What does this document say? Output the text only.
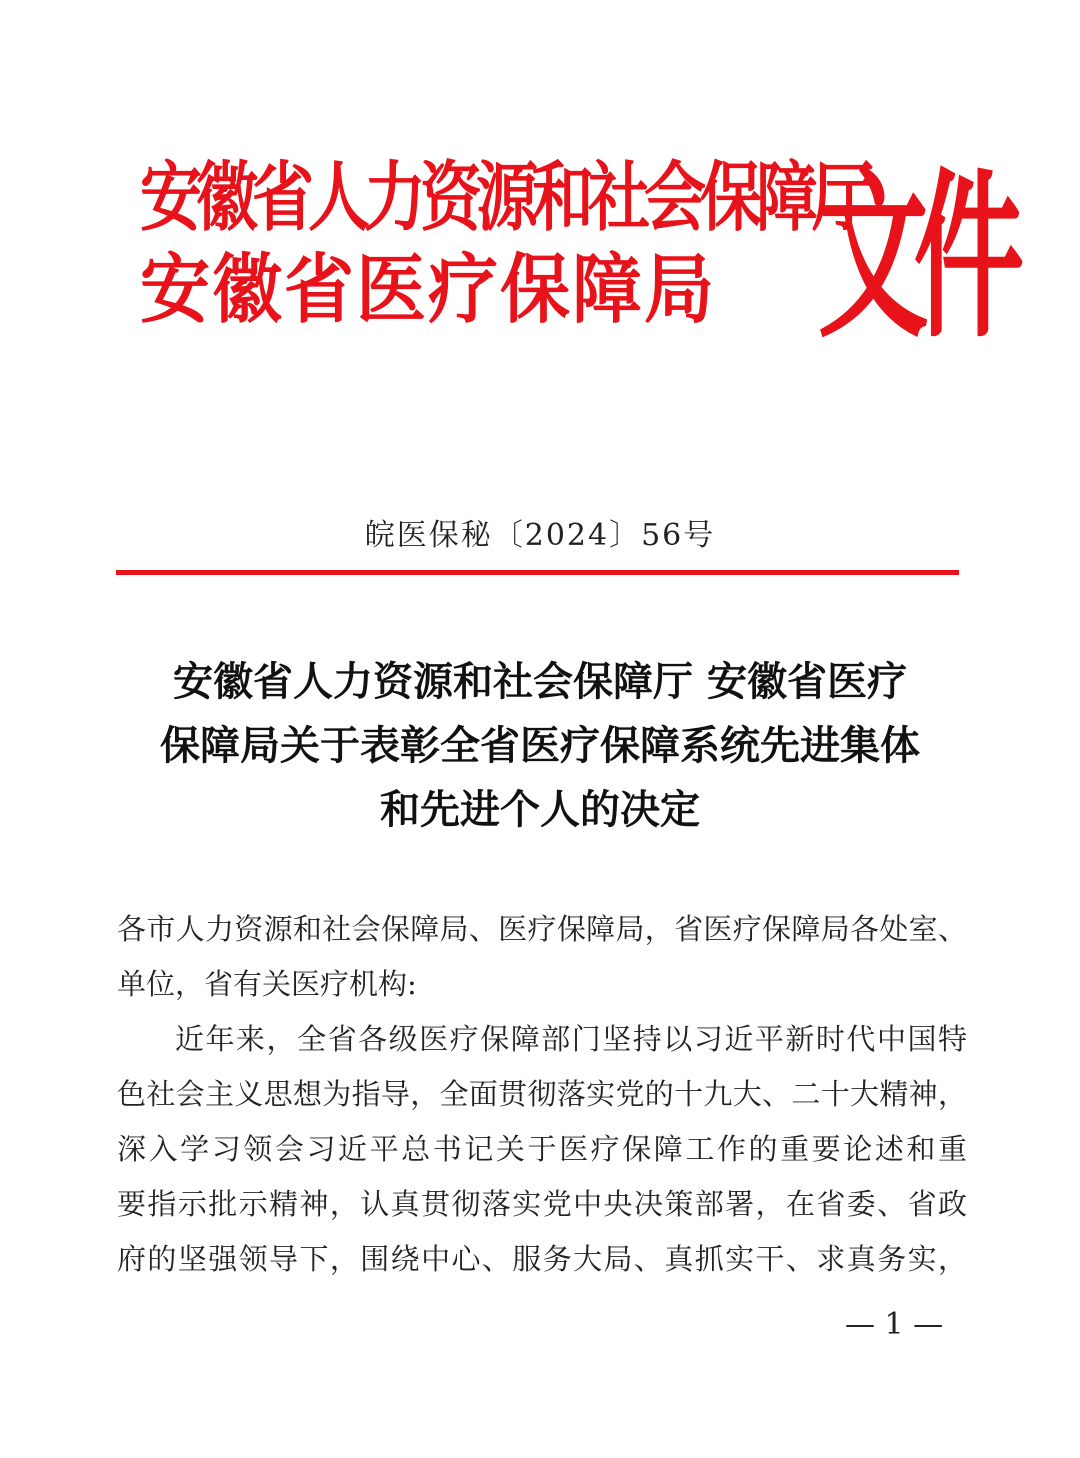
安徽省人力资源和社会保障厅
安徽省医疗保障局 文件
皖医保秘〔2024〕56号
安徽省人力资源和社会保障厅 安徽省医疗
保障局关于表彰全省医疗保障系统先进集体
和先进个人的决定
各市人力资源和社会保障局、医疗保障局，省医疗保障局各处室、
单位，省有关医疗机构:
近年来，全省各级医疗保障部门坚持以习近平新时代中国特
色社会主义思想为指导，全面贯彻落实党的十九大、二十大精神，
深入学习领会习近平总书记关于医疗保障工作的重要论述和重
要指示批示精神，认真贯彻落实党中央决策部署，在省委、省政
府的坚强领导下，围绕中心、服务大局、真抓实干、求真务实，
— 1 —
